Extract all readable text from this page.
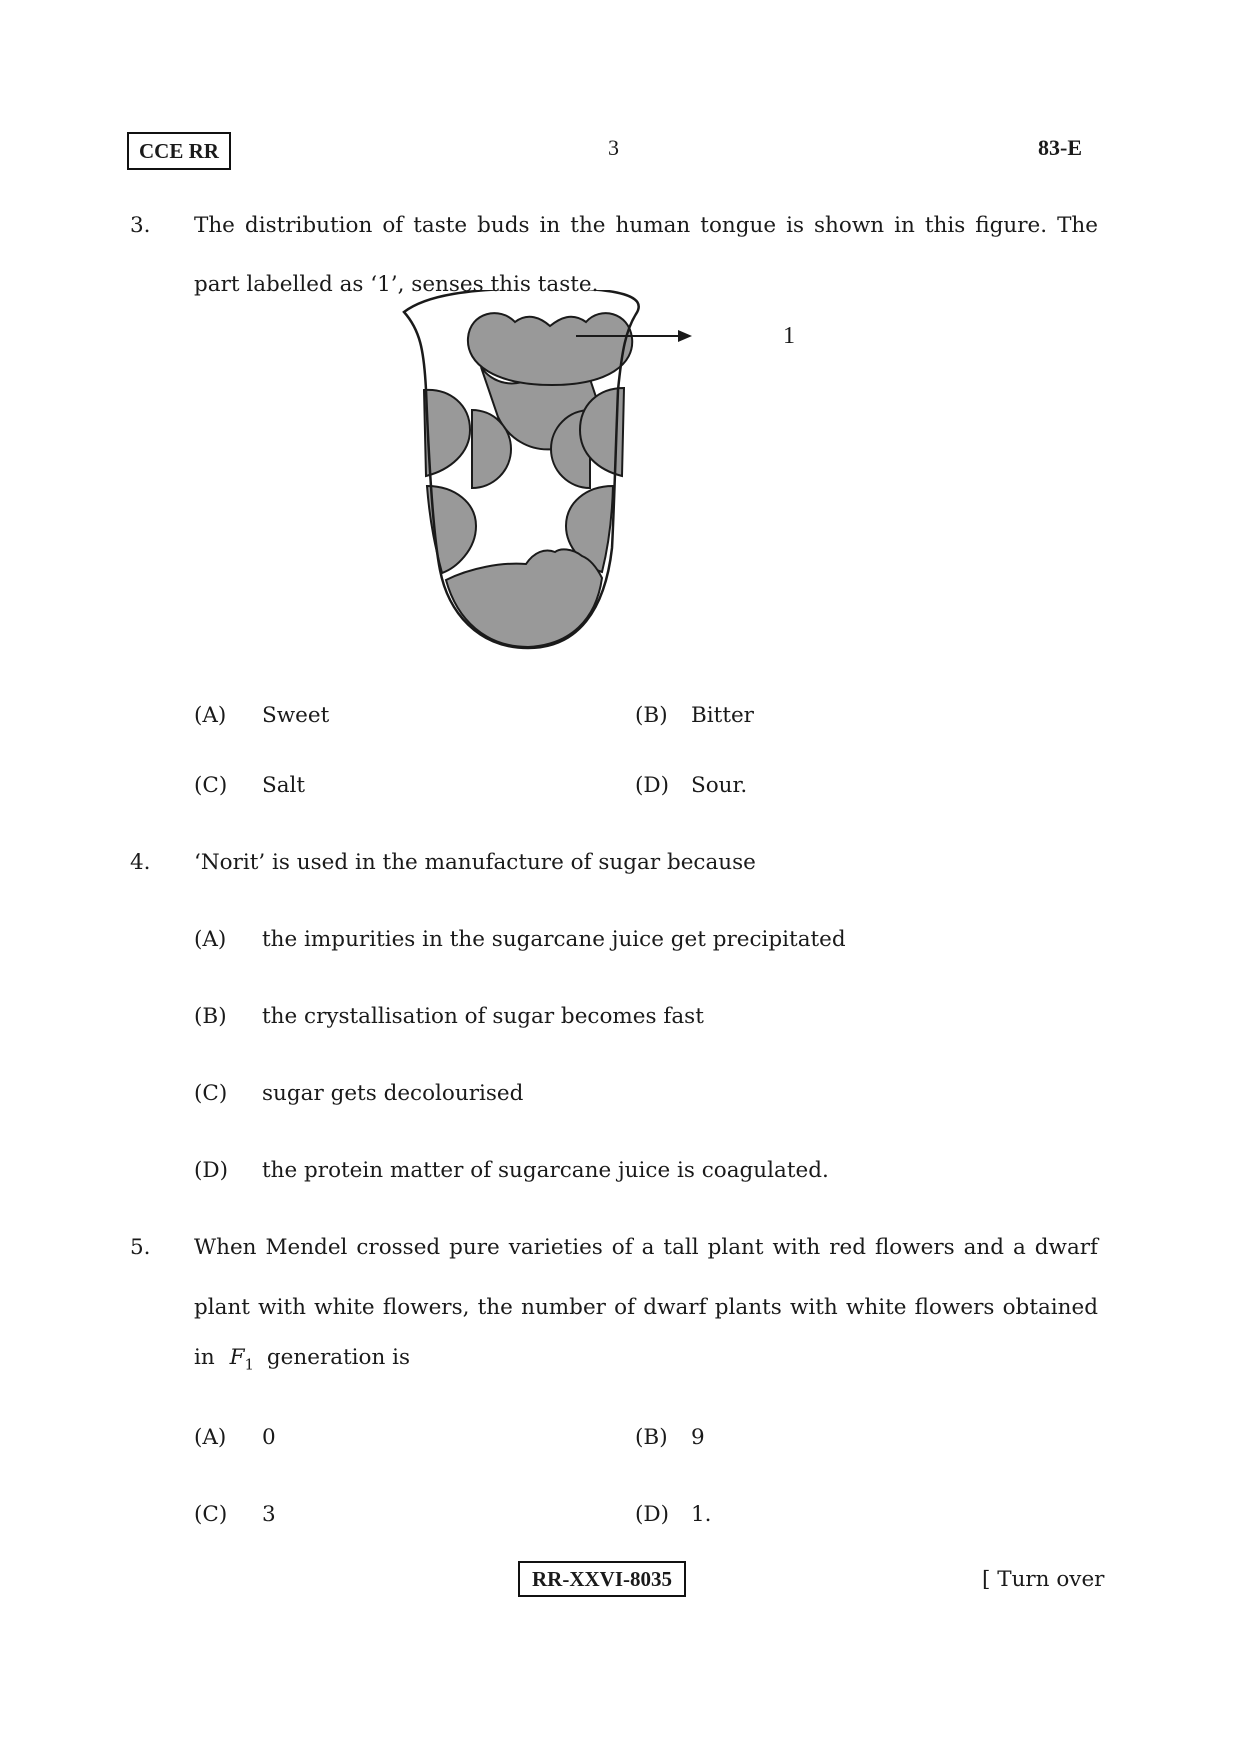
CCE RR	3	83-E
3. The distribution of taste buds in the human tongue is shown in this figure. The
part labelled as ‘1’, senses this taste.
1
(A) Sweet	(B) Bitter
(C) Salt	(D) Sour.
4. ‘Norit’ is used in the manufacture of sugar because
(A) the impurities in the sugarcane juice get precipitated
(B) the crystallisation of sugar becomes fast
(C) sugar gets decolourised
(D) the protein matter of sugarcane juice is coagulated.
5. When Mendel crossed pure varieties of a tall plant with red flowers and a dwarf
plant with white flowers, the number of dwarf plants with white flowers obtained
in $F_1$ generation is
(A) 0	(B) 9
(C) 3	(D) 1.
RR-XXVI-8035	[ Turn over
